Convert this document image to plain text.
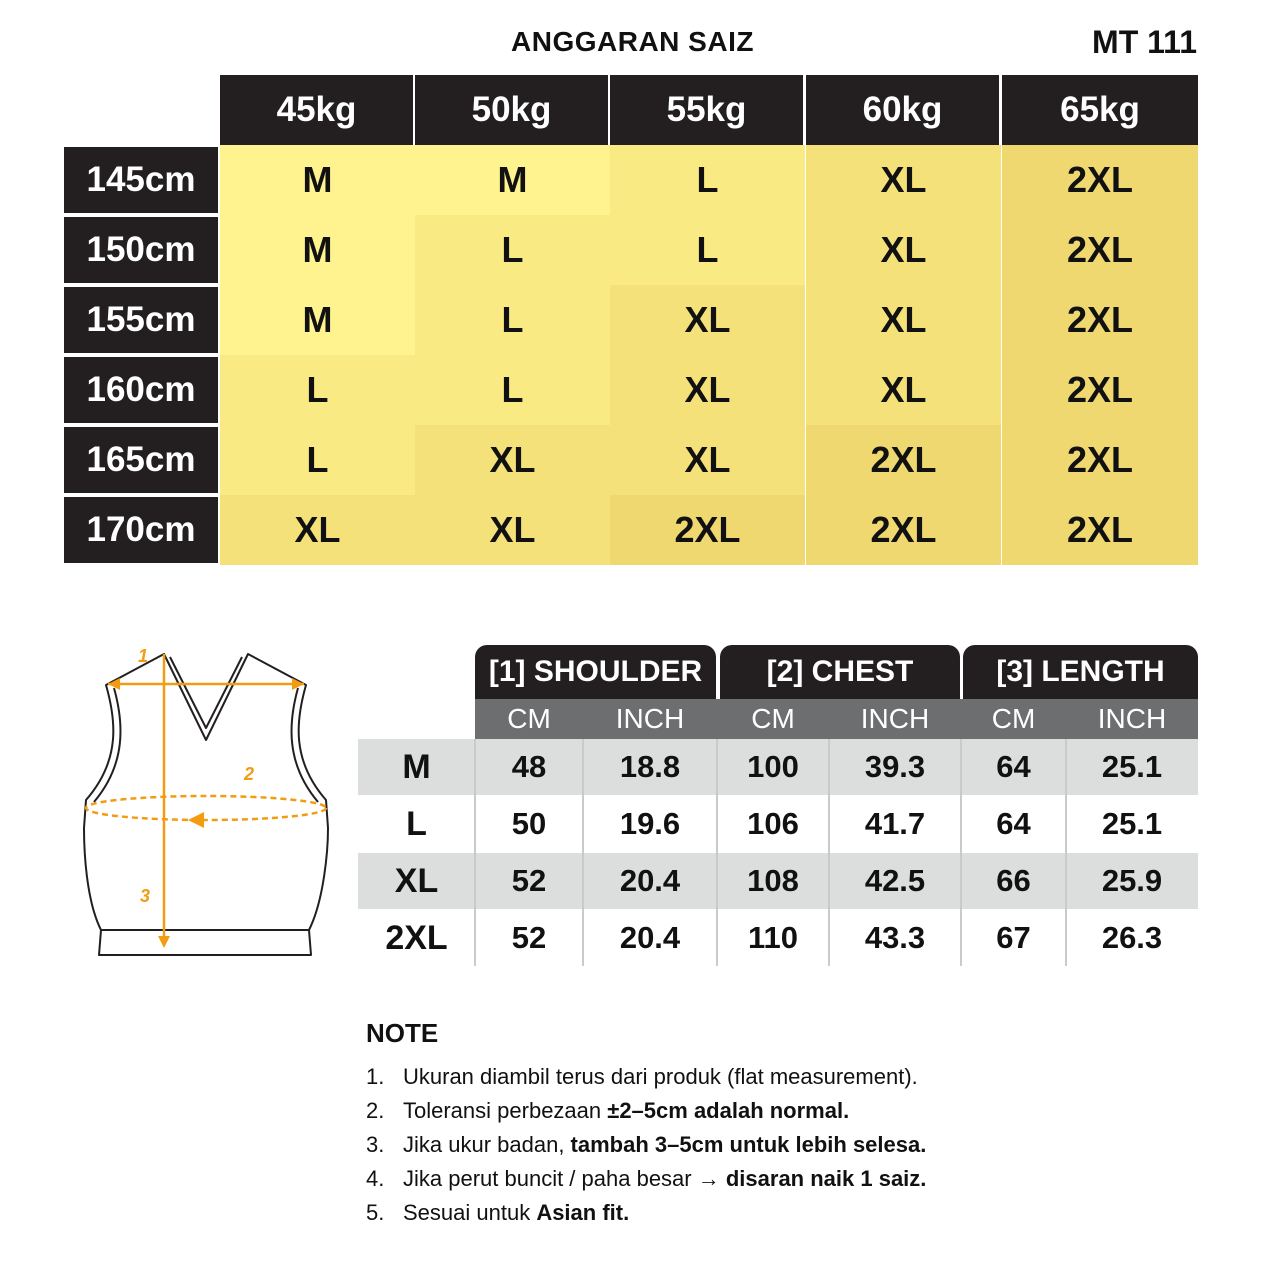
ANGGARAN SAIZ	MT 111
45kg	50kg	55kg	60kg	65kg
145cm	M	M	L	XL	2XL
150cm	M	L	L	XL	2XL
155cm	M	L	XL	XL	2XL
160cm	L	L	XL	XL	2XL
165cm	L	XL	XL	2XL	2XL
170cm	XL	XL	2XL	2XL	2XL
1
2
3
[1] SHOULDER	[2] CHEST	[3] LENGTH
CM	INCH	CM	INCH	CM	INCH
M	48	18.8	100	39.3	64	25.1
L	50	19.6	106	41.7	64	25.1
XL	52	20.4	108	42.5	66	25.9
2XL	52	20.4	110	43.3	67	26.3
NOTE
1. Ukuran diambil terus dari produk (flat measurement).
2. Toleransi perbezaan ±2–5cm adalah normal.
3. Jika ukur badan, tambah 3–5cm untuk lebih selesa.
4. Jika perut buncit / paha besar → disaran naik 1 saiz.
5. Sesuai untuk Asian fit.
